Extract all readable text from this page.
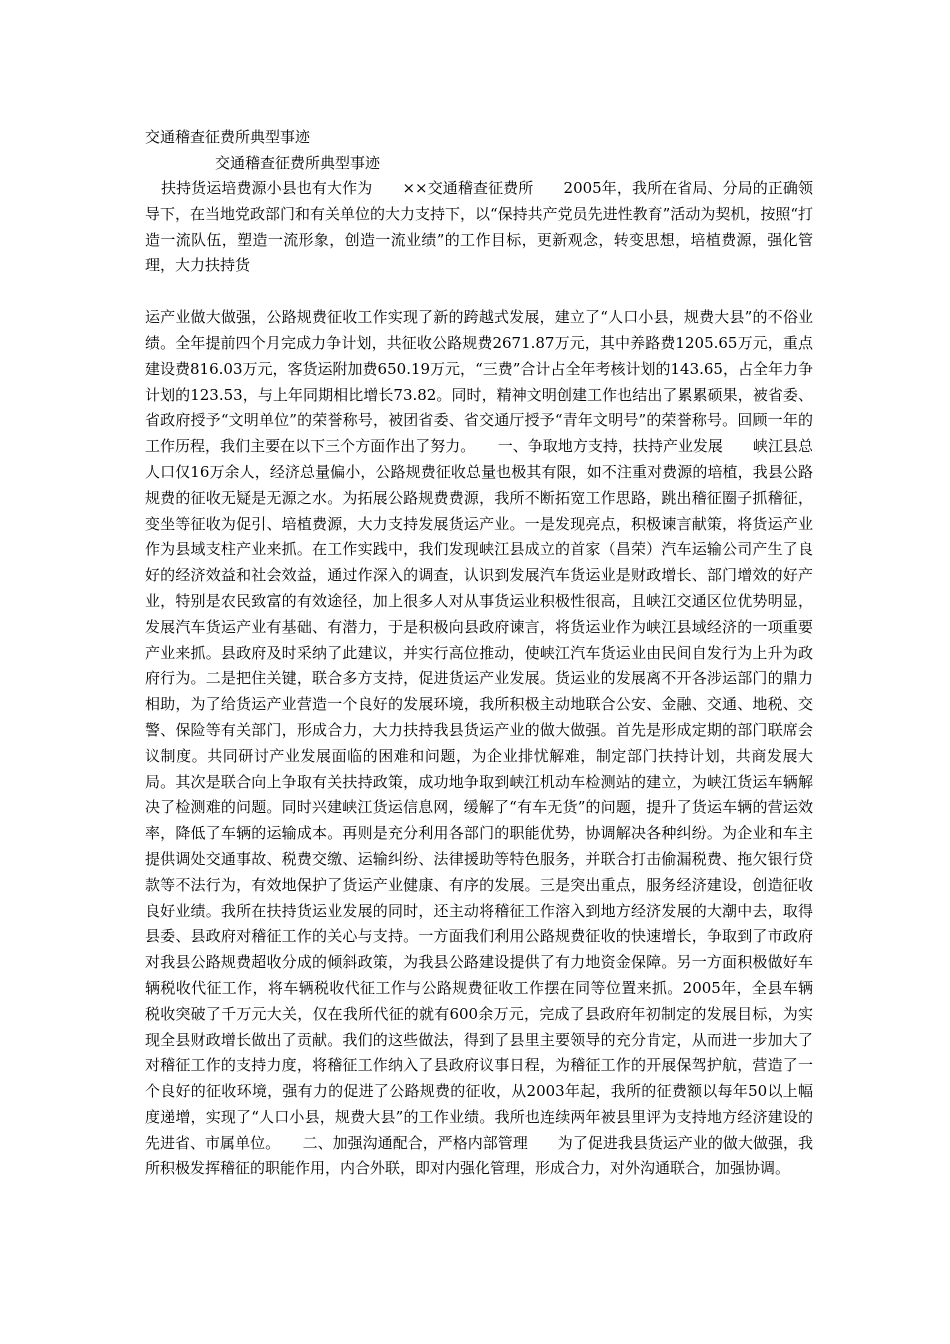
交通稽查征费所典型事迹
交通稽查征费所典型事迹

扶持货运培费源小县也有大作为　　××交通稽查征费所　　2005年，我所在省局、分局的正确领导下，在当地党政部门和有关单位的大力支持下，以“保持共产党员先进性教育”活动为契机，按照“打造一流队伍，塑造一流形象，创造一流业绩”的工作目标，更新观念，转变思想，培植费源，强化管理，大力扶持货

运产业做大做强，公路规费征收工作实现了新的跨越式发展，建立了“人口小县，规费大县”的不俗业绩。全年提前四个月完成力争计划，共征收公路规费2671.87万元，其中养路费1205.65万元，重点建设费816.03万元，客货运附加费650.19万元，“三费”合计占全年考核计划的143.65，占全年力争计划的123.53，与上年同期相比增长73.82。同时，精神文明创建工作也结出了累累硕果，被省委、省政府授予“文明单位”的荣誉称号，被团省委、省交通厅授予“青年文明号”的荣誉称号。回顾一年的工作历程，我们主要在以下三个方面作出了努力。　　一、争取地方支持，扶持产业发展　　峡江县总人口仅16万余人，经济总量偏小，公路规费征收总量也极其有限，如不注重对费源的培植，我县公路规费的征收无疑是无源之水。为拓展公路规费费源，我所不断拓宽工作思路，跳出稽征圈子抓稽征，变坐等征收为促引、培植费源，大力支持发展货运产业。一是发现亮点，积极谏言献策，将货运产业作为县域支柱产业来抓。在工作实践中，我们发现峡江县成立的首家（昌荣）汽车运输公司产生了良好的经济效益和社会效益，通过作深入的调查，认识到发展汽车货运业是财政增长、部门增效的好产业，特别是农民致富的有效途径，加上很多人对从事货运业积极性很高，且峡江交通区位优势明显，发展汽车货运产业有基础、有潜力，于是积极向县政府谏言，将货运业作为峡江县域经济的一项重要产业来抓。县政府及时采纳了此建议，并实行高位推动，使峡江汽车货运业由民间自发行为上升为政府行为。二是把住关键，联合多方支持，促进货运产业发展。货运业的发展离不开各涉运部门的鼎力相助，为了给货运产业营造一个良好的发展环境，我所积极主动地联合公安、金融、交通、地税、交警、保险等有关部门，形成合力，大力扶持我县货运产业的做大做强。首先是形成定期的部门联席会议制度。共同研讨产业发展面临的困难和问题，为企业排忧解难，制定部门扶持计划，共商发展大局。其次是联合向上争取有关扶持政策，成功地争取到峡江机动车检测站的建立，为峡江货运车辆解决了检测难的问题。同时兴建峡江货运信息网，缓解了“有车无货”的问题，提升了货运车辆的营运效率，降低了车辆的运输成本。再则是充分利用各部门的职能优势，协调解决各种纠纷。为企业和车主提供调处交通事故、税费交缴、运输纠纷、法律援助等特色服务，并联合打击偷漏税费、拖欠银行贷款等不法行为，有效地保护了货运产业健康、有序的发展。三是突出重点，服务经济建设，创造征收良好业绩。我所在扶持货运业发展的同时，还主动将稽征工作溶入到地方经济发展的大潮中去，取得县委、县政府对稽征工作的关心与支持。一方面我们利用公路规费征收的快速增长，争取到了市政府对我县公路规费超收分成的倾斜政策，为我县公路建设提供了有力地资金保障。另一方面积极做好车辆税收代征工作，将车辆税收代征工作与公路规费征收工作摆在同等位置来抓。2005年，全县车辆税收突破了千万元大关，仅在我所代征的就有600余万元，完成了县政府年初制定的发展目标，为实现全县财政增长做出了贡献。我们的这些做法，得到了县里主要领导的充分肯定，从而进一步加大了对稽征工作的支持力度，将稽征工作纳入了县政府议事日程，为稽征工作的开展保驾护航，营造了一个良好的征收环境，强有力的促进了公路规费的征收，从2003年起，我所的征费额以每年50以上幅度递增，实现了“人口小县，规费大县”的工作业绩。我所也连续两年被县里评为支持地方经济建设的先进省、市属单位。　　二、加强沟通配合，严格内部管理　　为了促进我县货运产业的做大做强，我所积极发挥稽征的职能作用，内合外联，即对内强化管理，形成合力，对外沟通联合，加强协调。
